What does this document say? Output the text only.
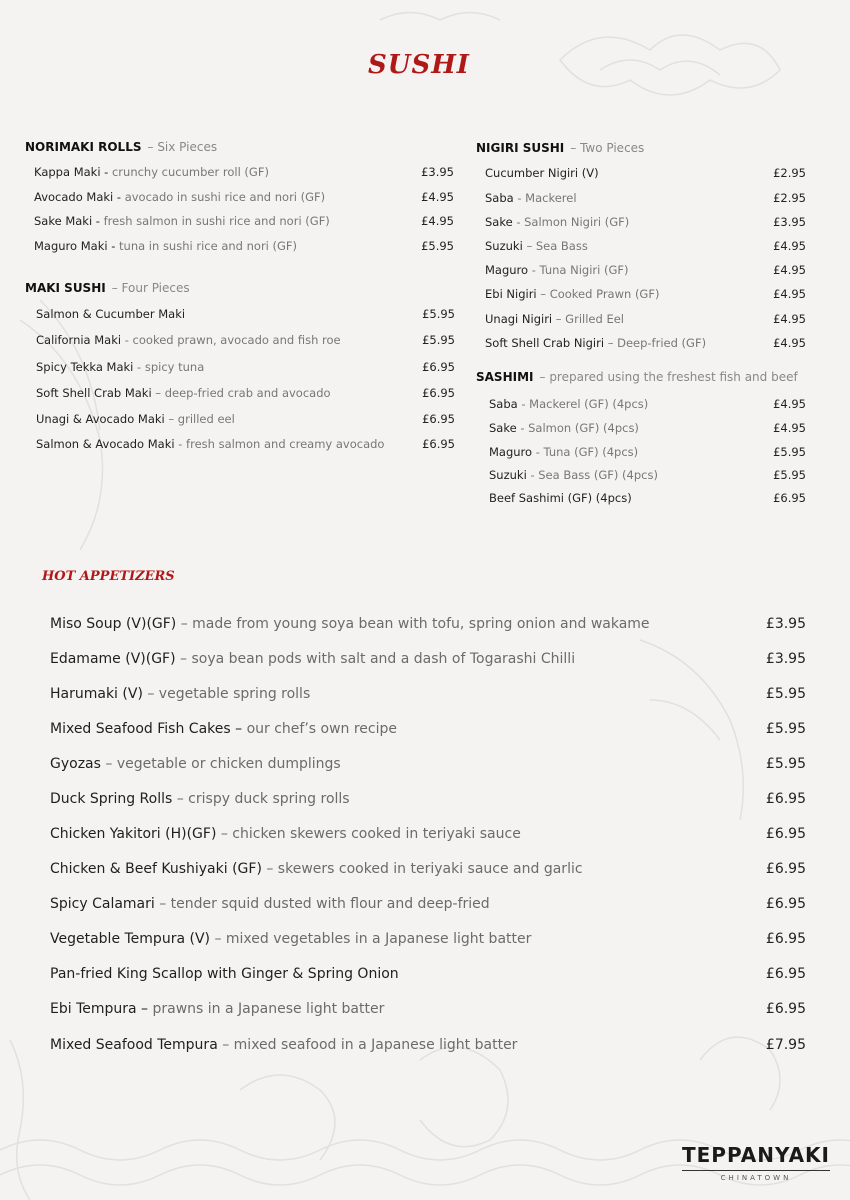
SUSHI
NORIMAKI ROLLS – Six Pieces
Kappa Maki - crunchy cucumber roll (GF)	£3.95
Avocado Maki - avocado in sushi rice and nori (GF)	£4.95
Sake Maki - fresh salmon in sushi rice and nori (GF)	£4.95
Maguro Maki - tuna in sushi rice and nori (GF)	£5.95
MAKI SUSHI – Four Pieces
Salmon & Cucumber Maki	£5.95
California Maki - cooked prawn, avocado and fish roe	£5.95
Spicy Tekka Maki - spicy tuna	£6.95
Soft Shell Crab Maki – deep-fried crab and avocado	£6.95
Unagi & Avocado Maki – grilled eel	£6.95
Salmon & Avocado Maki - fresh salmon and creamy avocado	£6.95
NIGIRI SUSHI – Two Pieces
Cucumber Nigiri (V)	£2.95
Saba - Mackerel	£2.95
Sake - Salmon Nigiri (GF)	£3.95
Suzuki – Sea Bass	£4.95
Maguro - Tuna Nigiri (GF)	£4.95
Ebi Nigiri – Cooked Prawn (GF)	£4.95
Unagi Nigiri – Grilled Eel	£4.95
Soft Shell Crab Nigiri – Deep-fried (GF)	£4.95
SASHIMI – prepared using the freshest fish and beef
Saba - Mackerel (GF) (4pcs)	£4.95
Sake - Salmon (GF) (4pcs)	£4.95
Maguro - Tuna (GF) (4pcs)	£5.95
Suzuki - Sea Bass (GF) (4pcs)	£5.95
Beef Sashimi (GF) (4pcs)	£6.95
HOT APPETIZERS
Miso Soup (V)(GF) – made from young soya bean with tofu, spring onion and wakame	£3.95
Edamame (V)(GF) – soya bean pods with salt and a dash of Togarashi Chilli	£3.95
Harumaki (V) – vegetable spring rolls	£5.95
Mixed Seafood Fish Cakes – our chef’s own recipe	£5.95
Gyozas – vegetable or chicken dumplings	£5.95
Duck Spring Rolls – crispy duck spring rolls	£6.95
Chicken Yakitori (H)(GF) – chicken skewers cooked in teriyaki sauce	£6.95
Chicken & Beef Kushiyaki (GF) – skewers cooked in teriyaki sauce and garlic	£6.95
Spicy Calamari – tender squid dusted with flour and deep-fried	£6.95
Vegetable Tempura (V) – mixed vegetables in a Japanese light batter	£6.95
Pan-fried King Scallop with Ginger & Spring Onion	£6.95
Ebi Tempura – prawns in a Japanese light batter	£6.95
Mixed Seafood Tempura – mixed seafood in a Japanese light batter	£7.95
TEPPANYAKI
CHINATOWN
